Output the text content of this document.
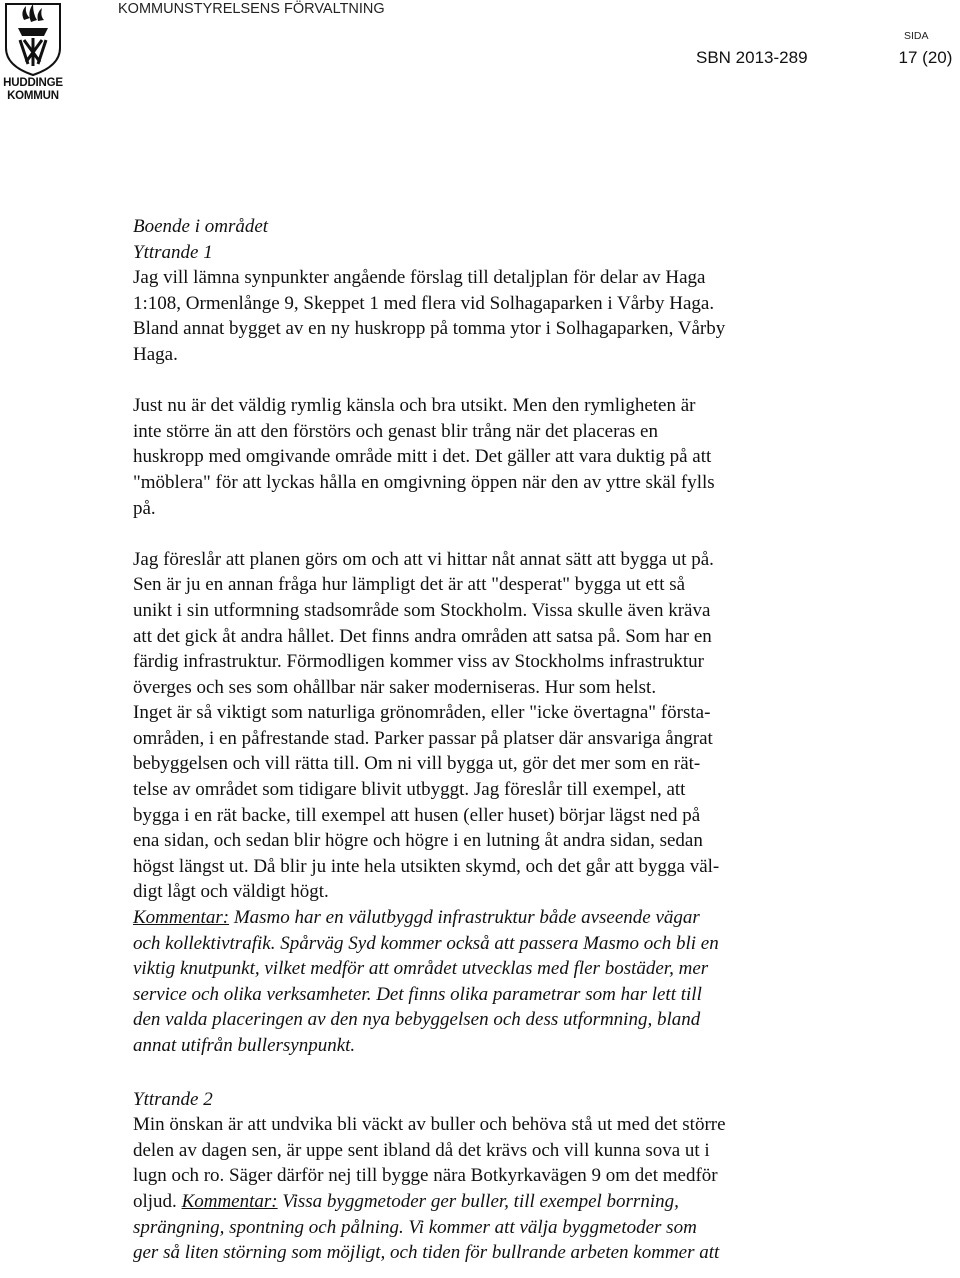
HUDDINGE
KOMMUN
KOMMUNSTYRELSENS FÖRVALTNING
SIDA
SBN 2013-289	17 (20)

Boende i området

Yttrande 1

Jag vill lämna synpunkter angående förslag till detaljplan för delar av Haga

1:108, Ormenlånge 9, Skeppet 1 med flera vid Solhagaparken i Vårby Haga.

Bland annat bygget av en ny huskropp på tomma ytor i Solhagaparken, Vårby

Haga.

Just nu är det väldig rymlig känsla och bra utsikt. Men den rymligheten är

inte större än att den förstörs och genast blir trång när det placeras en

huskropp med omgivande område mitt i det. Det gäller att vara duktig på att

"möblera" för att lyckas hålla en omgivning öppen när den av yttre skäl fylls

på.

Jag föreslår att planen görs om och att vi hittar nåt annat sätt att bygga ut på.

Sen är ju en annan fråga hur lämpligt det är att "desperat" bygga ut ett så

unikt i sin utformning stadsområde som Stockholm. Vissa skulle även kräva

att det gick åt andra hållet. Det finns andra områden att satsa på. Som har en

färdig infrastruktur. Förmodligen kommer viss av Stockholms infrastruktur

överges och ses som ohållbar när saker moderniseras. Hur som helst.

Inget är så viktigt som naturliga grönområden, eller "icke övertagna" första-

områden, i en påfrestande stad. Parker passar på platser där ansvariga ångrat

bebyggelsen och vill rätta till. Om ni vill bygga ut, gör det mer som en rät-

telse av området som tidigare blivit utbyggt. Jag föreslår till exempel, att

bygga i en rät backe, till exempel att husen (eller huset) börjar lägst ned på

ena sidan, och sedan blir högre och högre i en lutning åt andra sidan, sedan

högst längst ut. Då blir ju inte hela utsikten skymd, och det går att bygga väl-

digt lågt och väldigt högt.

Kommentar: Masmo har en välutbyggd infrastruktur både avseende vägar

och kollektivtrafik. Spårväg Syd kommer också att passera Masmo och bli en

viktig knutpunkt, vilket medför att området utvecklas med fler bostäder, mer

service och olika verksamheter. Det finns olika parametrar som har lett till

den valda placeringen av den nya bebyggelsen och dess utformning, bland

annat utifrån bullersynpunkt.

Yttrande 2

Min önskan är att undvika bli väckt av buller och behöva stå ut med det större

delen av dagen sen, är uppe sent ibland då det krävs och vill kunna sova ut i

lugn och ro. Säger därför nej till bygge nära Botkyrkavägen 9 om det medför

oljud. Kommentar: Vissa byggmetoder ger buller, till exempel borrning,

sprängning, spontning och pålning. Vi kommer att välja byggmetoder som

ger så liten störning som möjligt, och tiden för bullrande arbeten kommer att
